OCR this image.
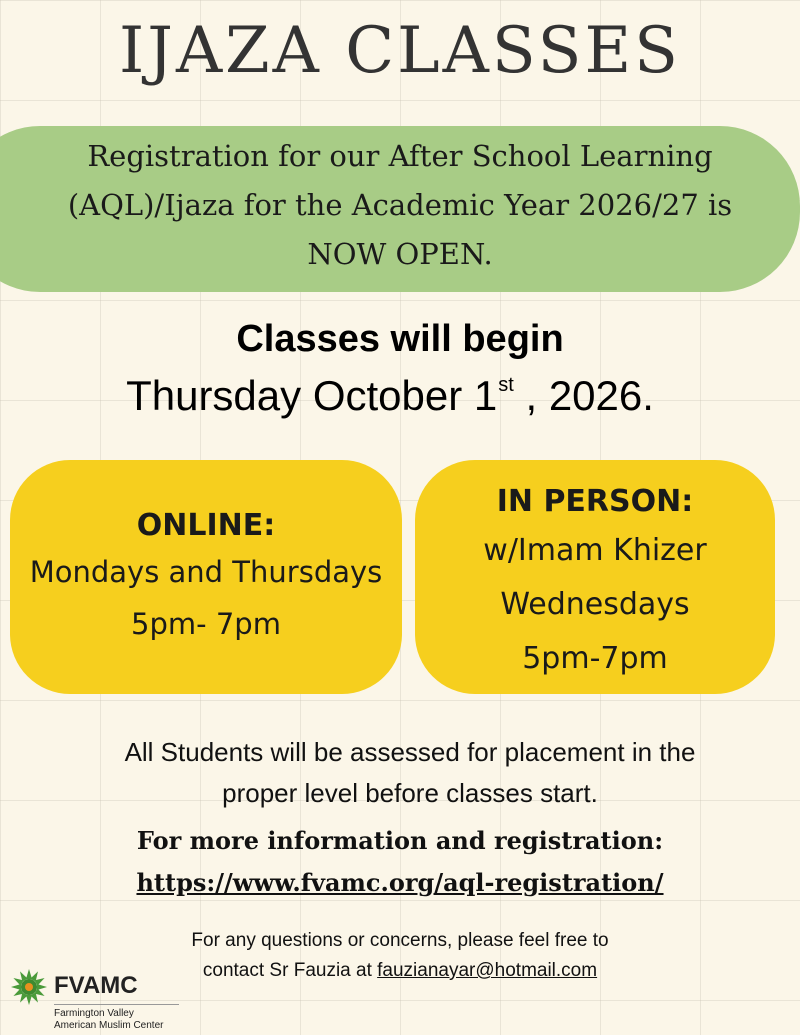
IJAZA CLASSES
Registration for our After School Learning
(AQL)/Ijaza for the Academic Year 2026/27 is
NOW OPEN.
Classes will begin
Thursday October 1st , 2026.
ONLINE:
Mondays and Thursdays
5pm- 7pm
IN PERSON:
w/Imam Khizer
Wednesdays
5pm-7pm
All Students will be assessed for placement in the
proper level before classes start.
For more information and registration:
https://www.fvamc.org/aql-registration/
For any questions or concerns, please feel free to
contact Sr Fauzia at fauzianayar@hotmail.com
FVAMC
Farmington Valley
American Muslim Center
